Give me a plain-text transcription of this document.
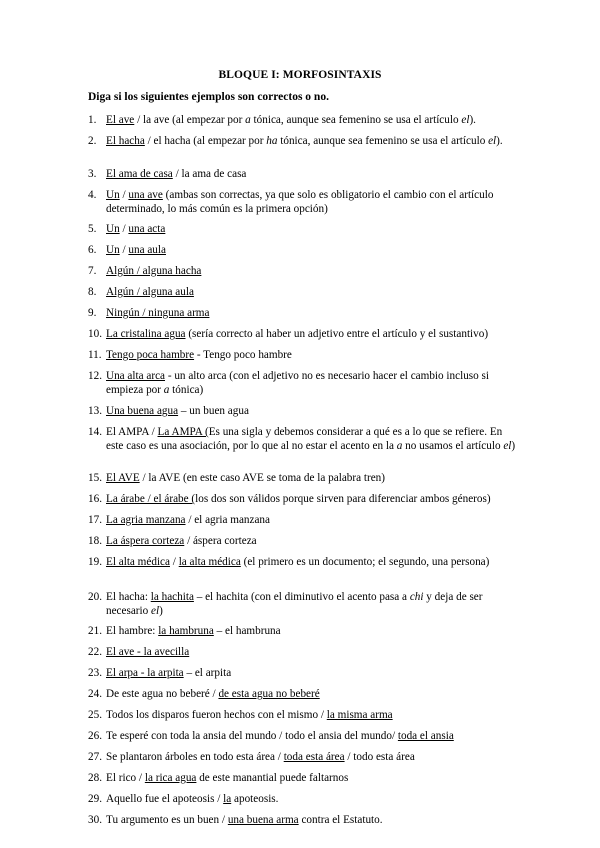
BLOQUE I: MORFOSINTAXIS
Diga si los siguientes ejemplos son correctos o no.
1. El ave / la ave (al empezar por a tónica, aunque sea femenino se usa el artículo el).
2. El hacha / el hacha (al empezar por ha tónica, aunque sea femenino se usa el artículo el).
3. El ama de casa / la ama de casa
4. Un / una ave (ambas son correctas, ya que solo es obligatorio el cambio con el artículo determinado, lo más común es la primera opción)
5. Un / una acta
6. Un / una aula
7. Algún / alguna hacha
8. Algún / alguna aula
9. Ningún / ninguna arma
10. La cristalina agua (sería correcto al haber un adjetivo entre el artículo y el sustantivo)
11. Tengo poca hambre - Tengo poco hambre
12. Una alta arca - un alto arca (con el adjetivo no es necesario hacer el cambio incluso si empieza por a tónica)
13. Una buena agua – un buen agua
14. El AMPA / La AMPA (Es una sigla y debemos considerar a qué es a lo que se refiere. En este caso es una asociación, por lo que al no estar el acento en la a no usamos el artículo el)
15. El AVE / la AVE (en este caso AVE se toma de la palabra tren)
16. La árabe / el árabe (los dos son válidos porque sirven para diferenciar ambos géneros)
17. La agria manzana / el agria manzana
18. La áspera corteza / áspera corteza
19. El alta médica / la alta médica (el primero es un documento; el segundo, una persona)
20. El hacha: la hachita – el hachita (con el diminutivo el acento pasa a chi y deja de ser necesario el)
21. El hambre: la hambruna – el hambruna
22. El ave - la avecilla
23. El arpa - la arpita – el arpita
24. De este agua no beberé / de esta agua no beberé
25. Todos los disparos fueron hechos con el mismo / la misma arma
26. Te esperé con toda la ansia del mundo / todo el ansia del mundo/ toda el ansia
27. Se plantaron árboles en todo esta área / toda esta área / todo esta área
28. El rico / la rica agua de este manantial puede faltarnos
29. Aquello fue el apoteosis / la apoteosis.
30. Tu argumento es un buen / una buena arma contra el Estatuto.
